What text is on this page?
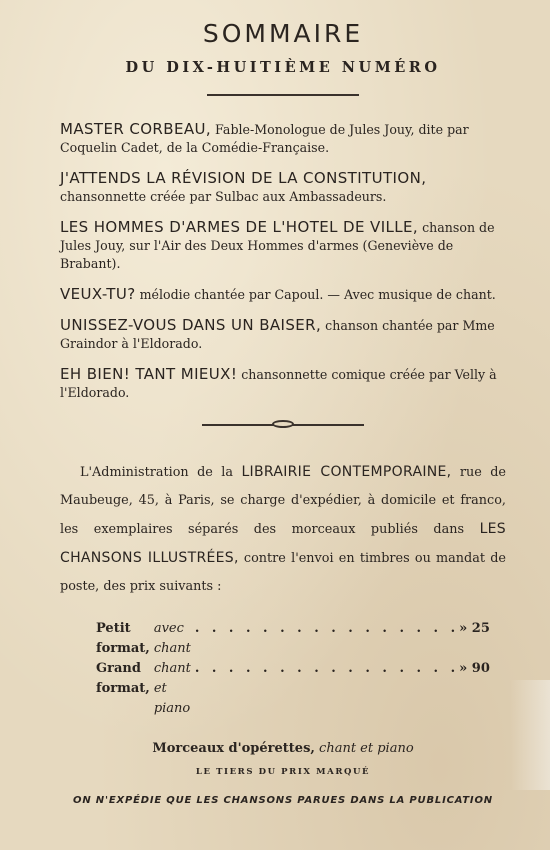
SOMMAIRE
DU DIX-HUITIÈME NUMÉRO
MASTER CORBEAU, Fable-Monologue de Jules Jouy, dite par Coquelin Cadet, de la Comédie-Française.
J'ATTENDS LA RÉVISION DE LA CONSTITUTION, chansonnette créée par Sulbac aux Ambassadeurs.
LES HOMMES D'ARMES DE L'HOTEL DE VILLE, chanson de Jules Jouy, sur l'Air des Deux Hommes d'armes (Geneviève de Brabant).
VEUX-TU? mélodie chantée par Capoul. — Avec musique de chant.
UNISSEZ-VOUS DANS UN BAISER, chanson chantée par Mme Graindor à l'Eldorado.
EH BIEN! TANT MIEUX! chansonnette comique créée par Velly à l'Eldorado.
L'Administration de la LIBRAIRIE CONTEMPORAINE, rue de Maubeuge, 45, à Paris, se charge d'expédier, à domicile et franco, les exemplaires séparés des morceaux publiés dans LES CHANSONS ILLUSTRÉES, contre l'envoi en timbres ou mandat de poste, des prix suivants :
Petit format,
avec chant
. . . . . . . . . . . . . . . . » 25
Grand format,
chant et piano
. . . . . . . . . . . . . . . . » 90
Morceaux d'opérettes, chant et piano
LE TIERS DU PRIX MARQUÉ
ON N'EXPÉDIE QUE LES CHANSONS PARUES DANS LA PUBLICATION
